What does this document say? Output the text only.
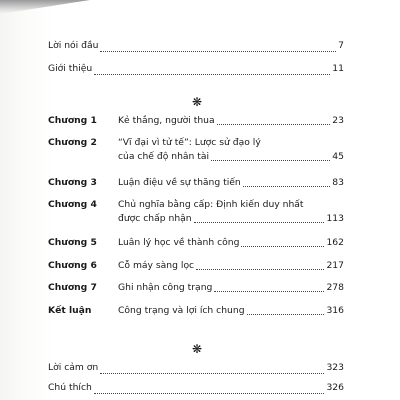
Lời nói đầu	7
Giới thiệu	11
❋
Chương 1 Kẻ thắng, người thua	23
Chương 2 “Vĩ đại vì tử tế”: Lược sử đạo lý
của chế độ nhân tài	45
Chương 3 Luận điệu về sự thăng tiến	83
Chương 4 Chủ nghĩa bằng cấp: Định kiến duy nhất
được chấp nhận	113
Chương 5 Luân lý học về thành công	162
Chương 6 Cỗ máy sàng lọc	217
Chương 7 Ghi nhận công trạng	278
Kết luận	Công trạng và lợi ích chung	316
❋
Lời cảm ơn	323
Chú thích	326
